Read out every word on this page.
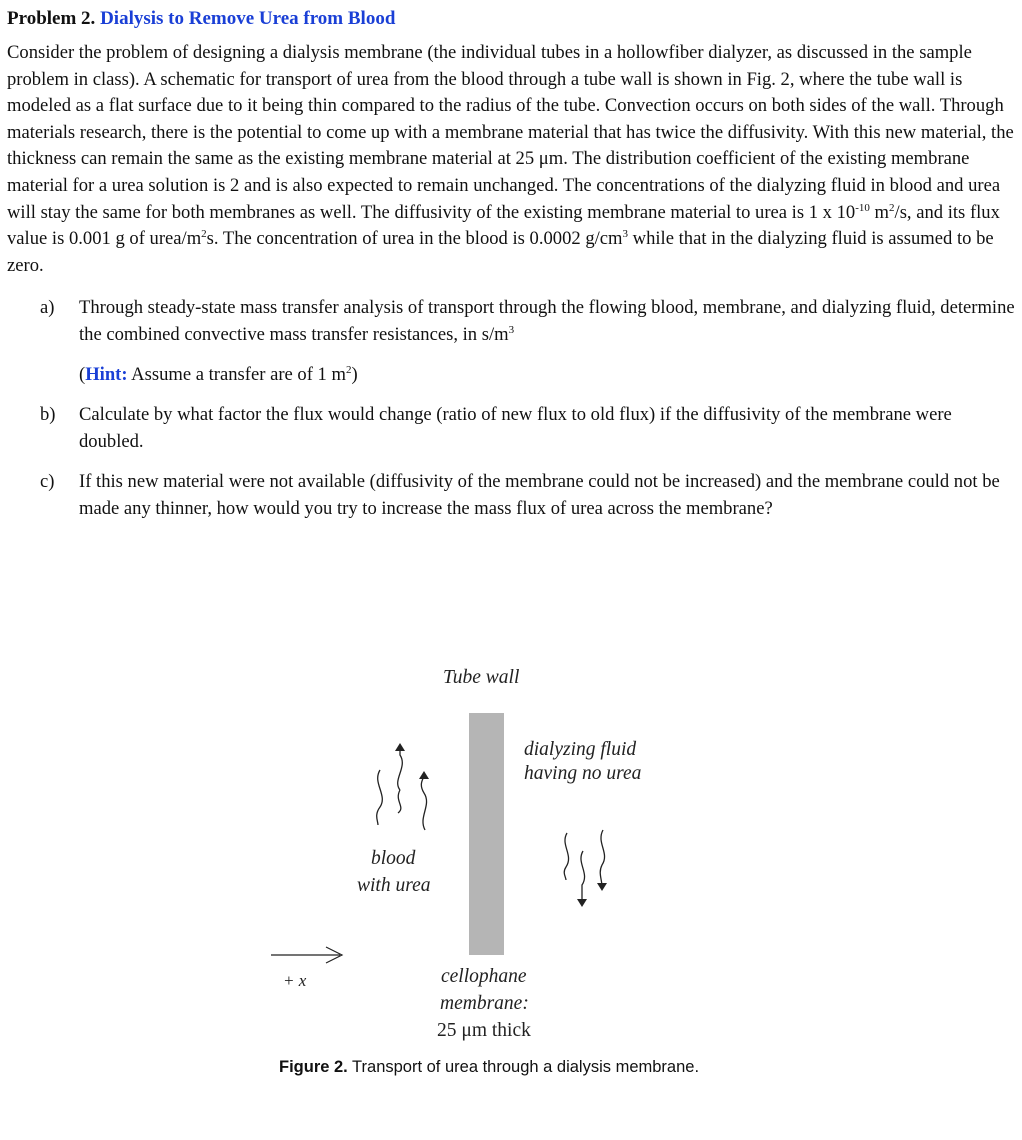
Problem 2. Dialysis to Remove Urea from Blood

Consider the problem of designing a dialysis membrane (the individual tubes in a hollowfiber dialyzer, as discussed in the sample problem in class). A schematic for transport of urea from the blood through a tube wall is shown in Fig. 2, where the tube wall is modeled as a flat surface due to it being thin compared to the radius of the tube. Convection occurs on both sides of the wall. Through materials research, there is the potential to come up with a membrane material that has twice the diffusivity. With this new material, the thickness can remain the same as the existing membrane material at 25 μm. The distribution coefficient of the existing membrane material for a urea solution is 2 and is also expected to remain unchanged. The concentrations of the dialyzing fluid in blood and urea will stay the same for both membranes as well. The diffusivity of the existing membrane material to urea is 1 x $10^{-10}$ $m^2/s$, and its flux value is 0.001 g of urea/$m^2s$. The concentration of urea in the blood is 0.0002 $g/cm^3$ while that in the dialyzing fluid is assumed to be zero.

a) Through steady-state mass transfer analysis of transport through the flowing blood, membrane, and dialyzing fluid, determine the combined convective mass transfer resistances, in $s/m^3$
(Hint: Assume a transfer are of 1 $m^2$)
b) Calculate by what factor the flux would change (ratio of new flux to old flux) if the diffusivity of the membrane were doubled.
c) If this new material were not available (diffusivity of the membrane could not be increased) and the membrane could not be made any thinner, how would you try to increase the mass flux of urea across the membrane?
Tube wall
dialyzing fluid
having no urea
blood
with urea
+ x	cellophane
membrane:
25 μm thick
Figure 2. Transport of urea through a dialysis membrane.
